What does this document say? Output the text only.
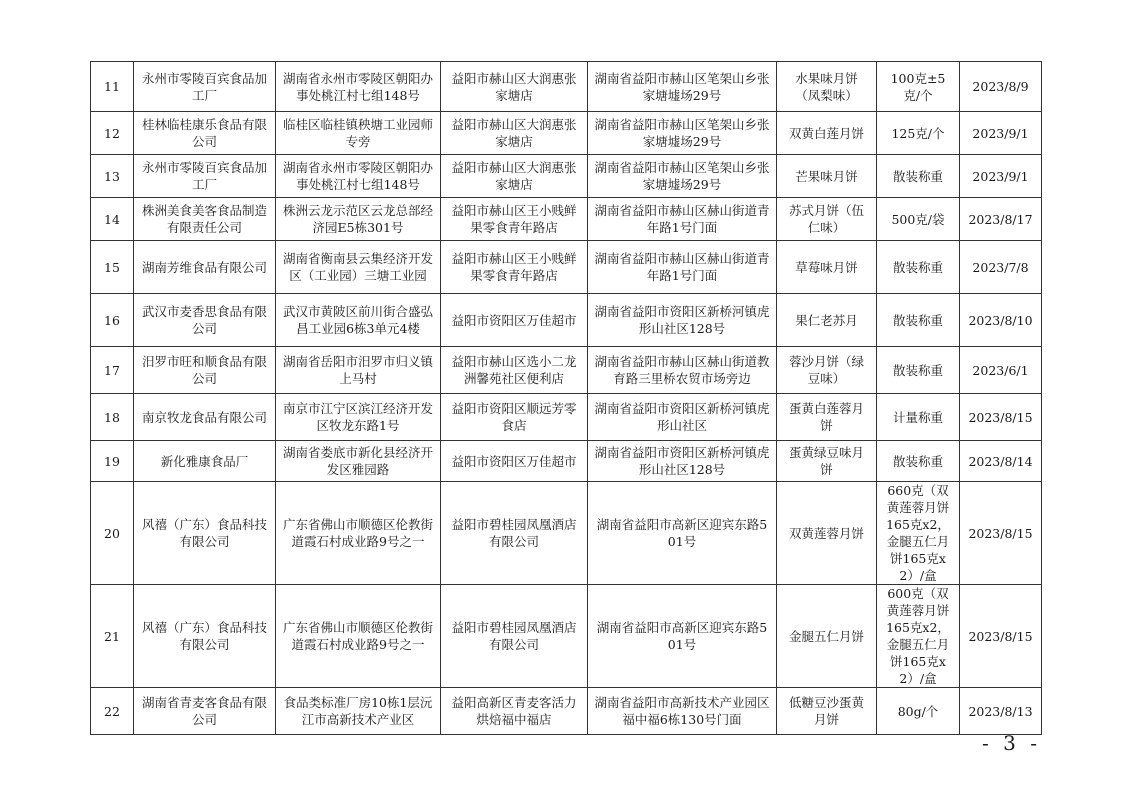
11	永州市零陵百宾食品加工厂	湖南省永州市零陵区朝阳办事处桃江村七组148号	益阳市赫山区大润惠张家塘店	湖南省益阳市赫山区笔架山乡张家塘墟场29号	水果味月饼（凤梨味）	100克±5克/个	2023/8/9
12	桂林临桂康乐食品有限公司	临桂区临桂镇秧塘工业园师专旁	益阳市赫山区大润惠张家塘店	湖南省益阳市赫山区笔架山乡张家塘墟场29号	双黄白莲月饼	125克/个	2023/9/1
13	永州市零陵百宾食品加工厂	湖南省永州市零陵区朝阳办事处桃江村七组148号	益阳市赫山区大润惠张家塘店	湖南省益阳市赫山区笔架山乡张家塘墟场29号	芒果味月饼	散装称重	2023/9/1
14	株洲美食美客食品制造有限责任公司	株洲云龙示范区云龙总部经济园E5栋301号	益阳市赫山区王小贱鲜果零食青年路店	湖南省益阳市赫山区赫山街道青年路1号门面	苏式月饼（伍仁味）	500克/袋	2023/8/17
15	湖南芳维食品有限公司	湖南省衡南县云集经济开发区（工业园）三塘工业园	益阳市赫山区王小贱鲜果零食青年路店	湖南省益阳市赫山区赫山街道青年路1号门面	草莓味月饼	散装称重	2023/7/8
16	武汉市麦香思食品有限公司	武汉市黄陂区前川街合盛弘昌工业园6栋3单元4楼	益阳市资阳区万佳超市	湖南省益阳市资阳区新桥河镇虎形山社区128号	果仁老苏月	散装称重	2023/8/10
17	汨罗市旺和顺食品有限公司	湖南省岳阳市汨罗市归义镇上马村	益阳市赫山区选小二龙洲馨苑社区便利店	湖南省益阳市赫山区赫山街道教育路三里桥农贸市场旁边	蓉沙月饼（绿豆味）	散装称重	2023/6/1
18	南京牧龙食品有限公司	南京市江宁区滨江经济开发区牧龙东路1号	益阳市资阳区顺远芳零食店	湖南省益阳市资阳区新桥河镇虎形山社区	蛋黄白莲蓉月饼	计量称重	2023/8/15
19	新化雅康食品厂	湖南省娄底市新化县经济开发区雅园路	益阳市资阳区万佳超市	湖南省益阳市资阳区新桥河镇虎形山社区128号	蛋黄绿豆味月饼	散装称重	2023/8/14
20	风禧（广东）食品科技有限公司	广东省佛山市顺德区伦教街道霞石村成业路9号之一	益阳市碧桂园凤凰酒店有限公司	湖南省益阳市高新区迎宾东路501号	双黄莲蓉月饼	660克（双黄莲蓉月饼165克x2，金腿五仁月饼165克x2）/盒	2023/8/15
21	风禧（广东）食品科技有限公司	广东省佛山市顺德区伦教街道霞石村成业路9号之一	益阳市碧桂园凤凰酒店有限公司	湖南省益阳市高新区迎宾东路501号	金腿五仁月饼	600克（双黄莲蓉月饼165克x2，金腿五仁月饼165克x2）/盒	2023/8/15
22	湖南省青麦客食品有限公司	食品类标准厂房10栋1层沅江市高新技术产业区	益阳高新区青麦客活力烘焙福中福店	湖南省益阳市高新技术产业园区福中福6栋130号门面	低糖豆沙蛋黄月饼	80g/个	2023/8/13
- 3 -
